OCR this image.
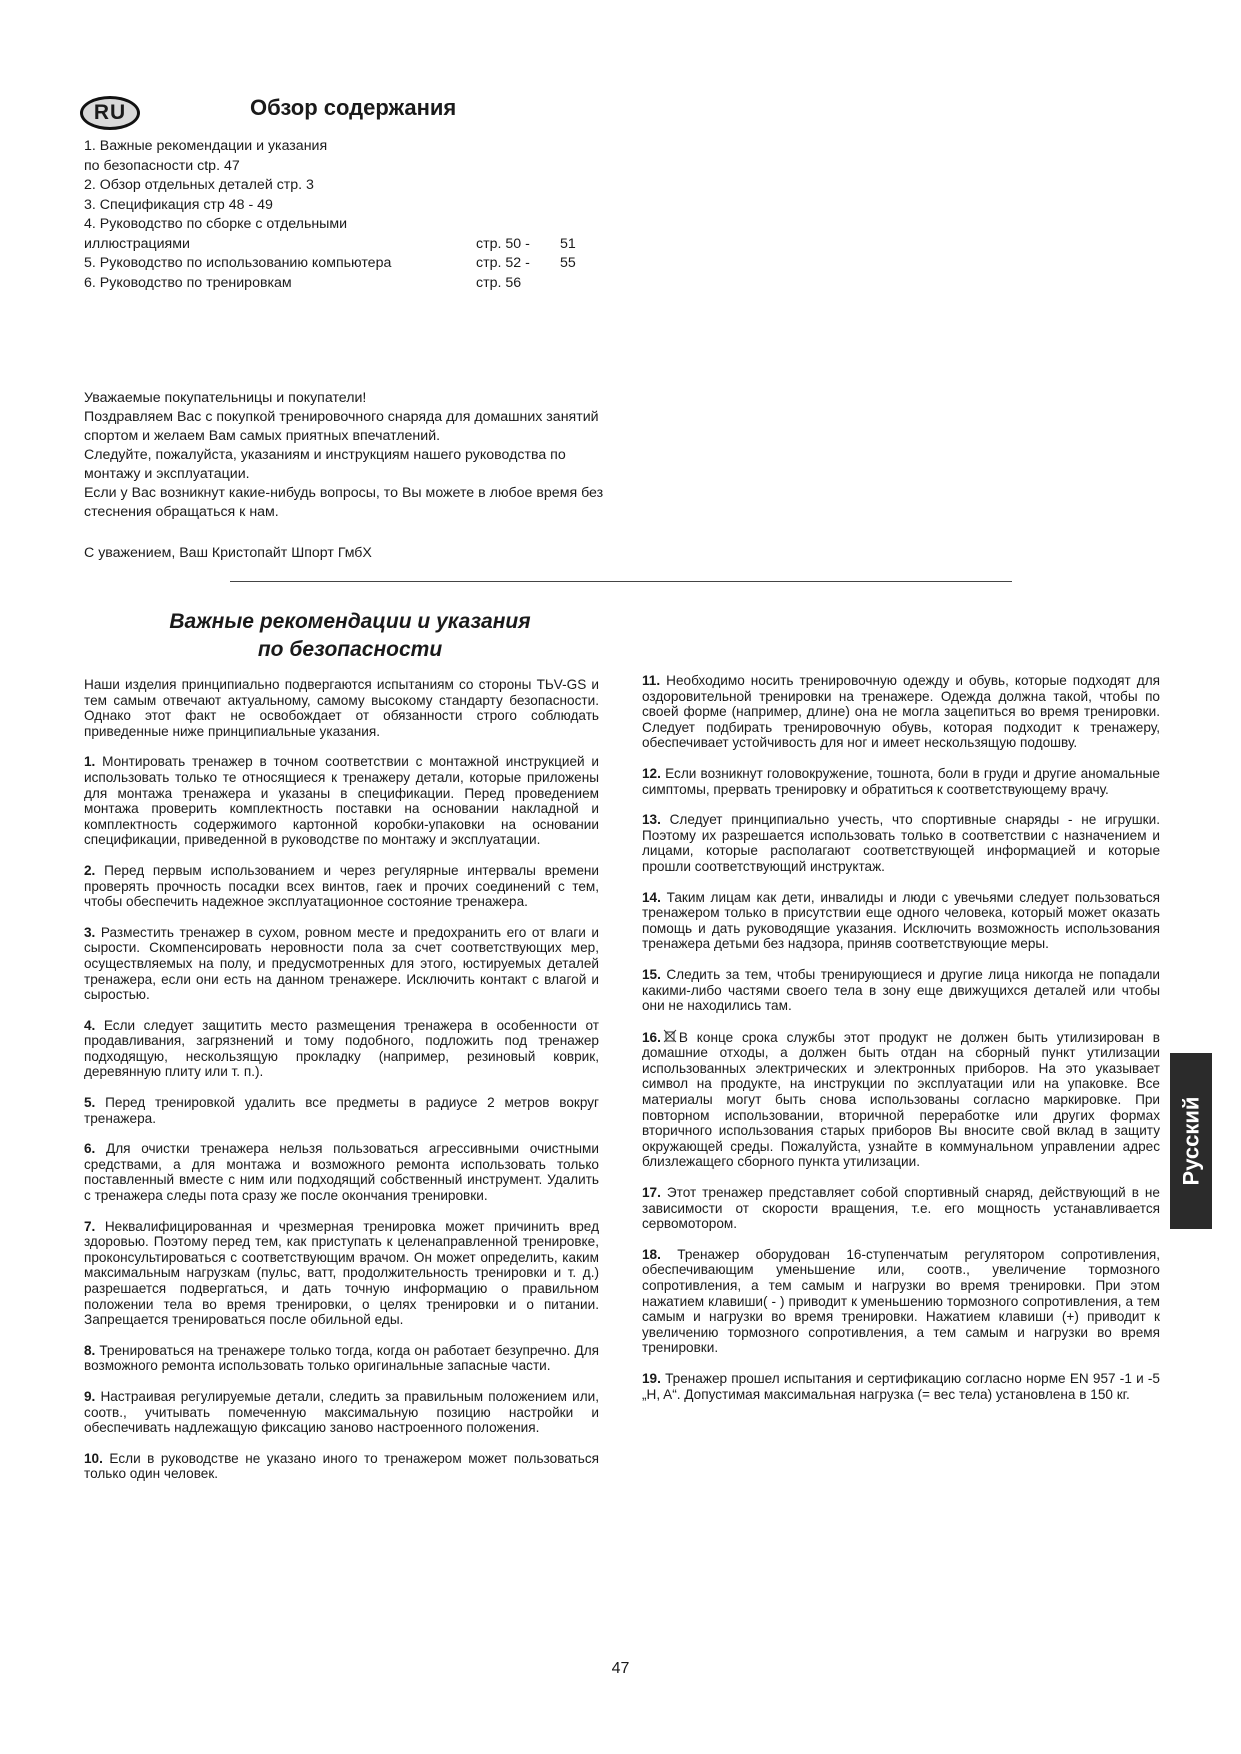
RU	Обзор содержания
1. Важные рекомендации и указания
по безопасности ctp. 47
2. Обзор отдельных деталей стр. 3
3. Спецификация стр 48 - 49
4. Руководство по сборке с отдельными
иллюстрациями	стр. 50 - 51
5. Руководство по использованию компьютера	стр. 52 - 55
6. Руководство по тренировкам	стр. 56

Уважаемые покупательницы и покупатели!

Поздравляем Вас с покупкой тренировочного снаряда для домашних занятий спортом и желаем Вам самых приятных впечатлений.

Следуйте, пожалуйста, указаниям и инструкциям нашего руководства по монтажу и эксплуатации.

Если у Вас возникнут какие-нибудь вопросы, то Вы можете в любое время без стеснения обращаться к нам.

С уважением, Ваш Кристопайт Шпорт ГмбХ
Важные рекомендации и указания
по безопасности

Наши изделия принципиально подвергаются испытаниям со стороны TЬV-GS и тем самым отвечают актуальному, самому высокому стандарту безопасности. Однако этот факт не освобождает от обязанности строго соблюдать приведенные ниже принципиальные указания.

1. Монтировать тренажер в точном соответствии с монтажной инструкцией и использовать только те относящиеся к тренажеру детали, которые приложены для монтажа тренажера и указаны в спецификации. Перед проведением монтажа проверить комплектность поставки на основании накладной и комплектность содержимого картонной коробки-упаковки на основании спецификации, приведенной в руководстве по монтажу и эксплуатации.

2. Перед первым использованием и через регулярные интервалы времени проверять прочность посадки всех винтов, гаек и прочих соединений с тем, чтобы обеспечить надежное эксплуатационное состояние тренажера.

3. Разместить тренажер в сухом, ровном месте и предохранить его от влаги и сырости. Скомпенсировать неровности пола за счет соответствующих мер, осуществляемых на полу, и предусмотренных для этого, юстируемых деталей тренажера, если они есть на данном тренажере. Исключить контакт с влагой и сыростью.

4. Если следует защитить место размещения тренажера в особенности от продавливания, загрязнений и тому подобного, подложить под тренажер подходящую, нескользящую прокладку (например, резиновый коврик, деревянную плиту или т. п.).

5. Перед тренировкой удалить все предметы в радиусе 2 метров вокруг тренажера.

6. Для очистки тренажера нельзя пользоваться агрессивными очистными средствами, а для монтажа и возможного ремонта использовать только поставленный вместе с ним или подходящий собственный инструмент. Удалить с тренажера следы пота сразу же после окончания тренировки.

7. Неквалифицированная и чрезмерная тренировка может причинить вред здоровью. Поэтому перед тем, как приступать к целенаправленной тренировке, проконсультироваться с соответствующим врачом. Он может определить, каким максимальным нагрузкам (пульс, ватт, продолжительность тренировки и т. д.) разрешается подвергаться, и дать точную информацию о правильном положении тела во время тренировки, о целях тренировки и о питании. Запрещается тренироваться после обильной еды.

8. Тренироваться на тренажере только тогда, когда он работает безупречно. Для возможного ремонта использовать только оригинальные запасные части.

9. Настраивая регулируемые детали, следить за правильным положением или, соотв., учитывать помеченную максимальную позицию настройки и обеспечивать надлежащую фиксацию заново настроенного положения.

10. Если в руководстве не указано иного то тренажером может пользоваться только один человек.

11. Необходимо носить тренировочную одежду и обувь, которые подходят для оздоровительной тренировки на тренажере. Одежда должна такой, чтобы по своей форме (например, длине) она не могла зацепиться во время тренировки. Следует подбирать тренировочную обувь, которая подходит к тренажеру, обеспечивает устойчивость для ног и имеет нескользящую подошву.

12. Если возникнут головокружение, тошнота, боли в груди и другие аномальные симптомы, прервать тренировку и обратиться к соответствующему врачу.

13. Следует принципиально учесть, что спортивные снаряды - не игрушки. Поэтому их разрешается использовать только в соответствии с назначением и лицами, которые располагают соответствующей информацией и которые прошли соответствующий инструктаж.

14. Таким лицам как дети, инвалиды и люди с увечьями следует пользоваться тренажером только в присутствии еще одного человека, который может оказать помощь и дать руководящие указания. Исключить возможность использования тренажера детьми без надзора, приняв соответствующие меры.

15. Следить за тем, чтобы тренирующиеся и другие лица никогда не попадали какими-либо частями своего тела в зону еще движущихся деталей или чтобы они не находились там.

16. В конце срока службы этот продукт не должен быть утилизирован в домашние отходы, а должен быть отдан на сборный пункт утилизации использованных электрических и электронных приборов. На это указывает символ на продукте, на инструкции по эксплуатации или на упаковке. Все материалы могут быть снова использованы согласно маркировке. При повторном использовании, вторичной переработке или других формах вторичного использования старых приборов Вы вносите свой вклад в защиту окружающей среды. Пожалуйста, узнайте в коммунальном управлении адрес близлежащего сборного пункта утилизации.

17. Этот тренажер представляет собой спортивный снаряд, действующий в не зависимости от скорости вращения, т.е. его мощность устанавливается сервомотором.

18. Тренажер оборудован 16-ступенчатым регулятором сопротивления, обеспечивающим уменьшение или, соотв., увеличение тормозного сопротивления, а тем самым и нагрузки во время тренировки. При этом нажатием клавиши( - ) приводит к уменьшению тормозного сопротивления, а тем самым и нагрузки во время тренировки. Нажатием клавиши (+) приводит к увеличению тормозного сопротивления, а тем самым и нагрузки во время тренировки.

19. Тренажер прошел испытания и сертификацию согласно норме EN 957 -1 и -5 „H, A“. Допустимая максимальная нагрузка (= вес тела) установлена в 150 кг.

Русский
47
